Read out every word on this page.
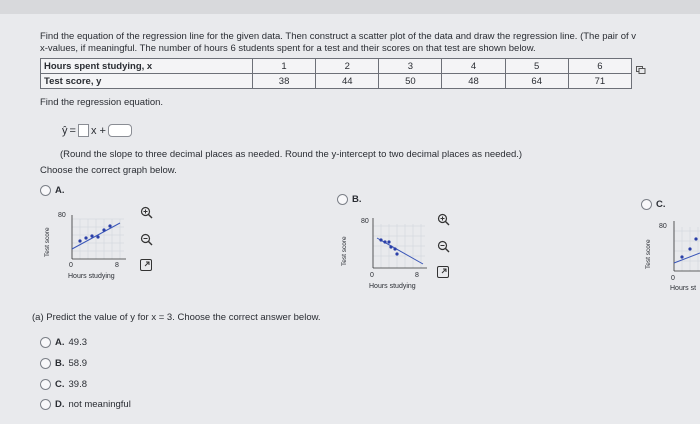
Find the equation of the regression line for the given data. Then construct a scatter plot of the data and draw the regression line. (The pair of v
x-values, if meaningful. The number of hours 6 students spent for a test and their scores on that test are shown below.
Hours spent studying, x	1	2	3	4	5	6
Test score, y	38	44	50	48	64	71
Find the regression equation.
ŷ = x +
(Round the slope to three decimal places as needed. Round the y-intercept to two decimal places as needed.)
Choose the correct graph below.
A.
Test score
80
0	8
Hours studying
B.
Test score
80
0	8
Hours studying
C.
Test score
80
0
Hours st
(a) Predict the value of y for x = 3. Choose the correct answer below.
A. 49.3
B. 58.9
C. 39.8
D. not meaningful
